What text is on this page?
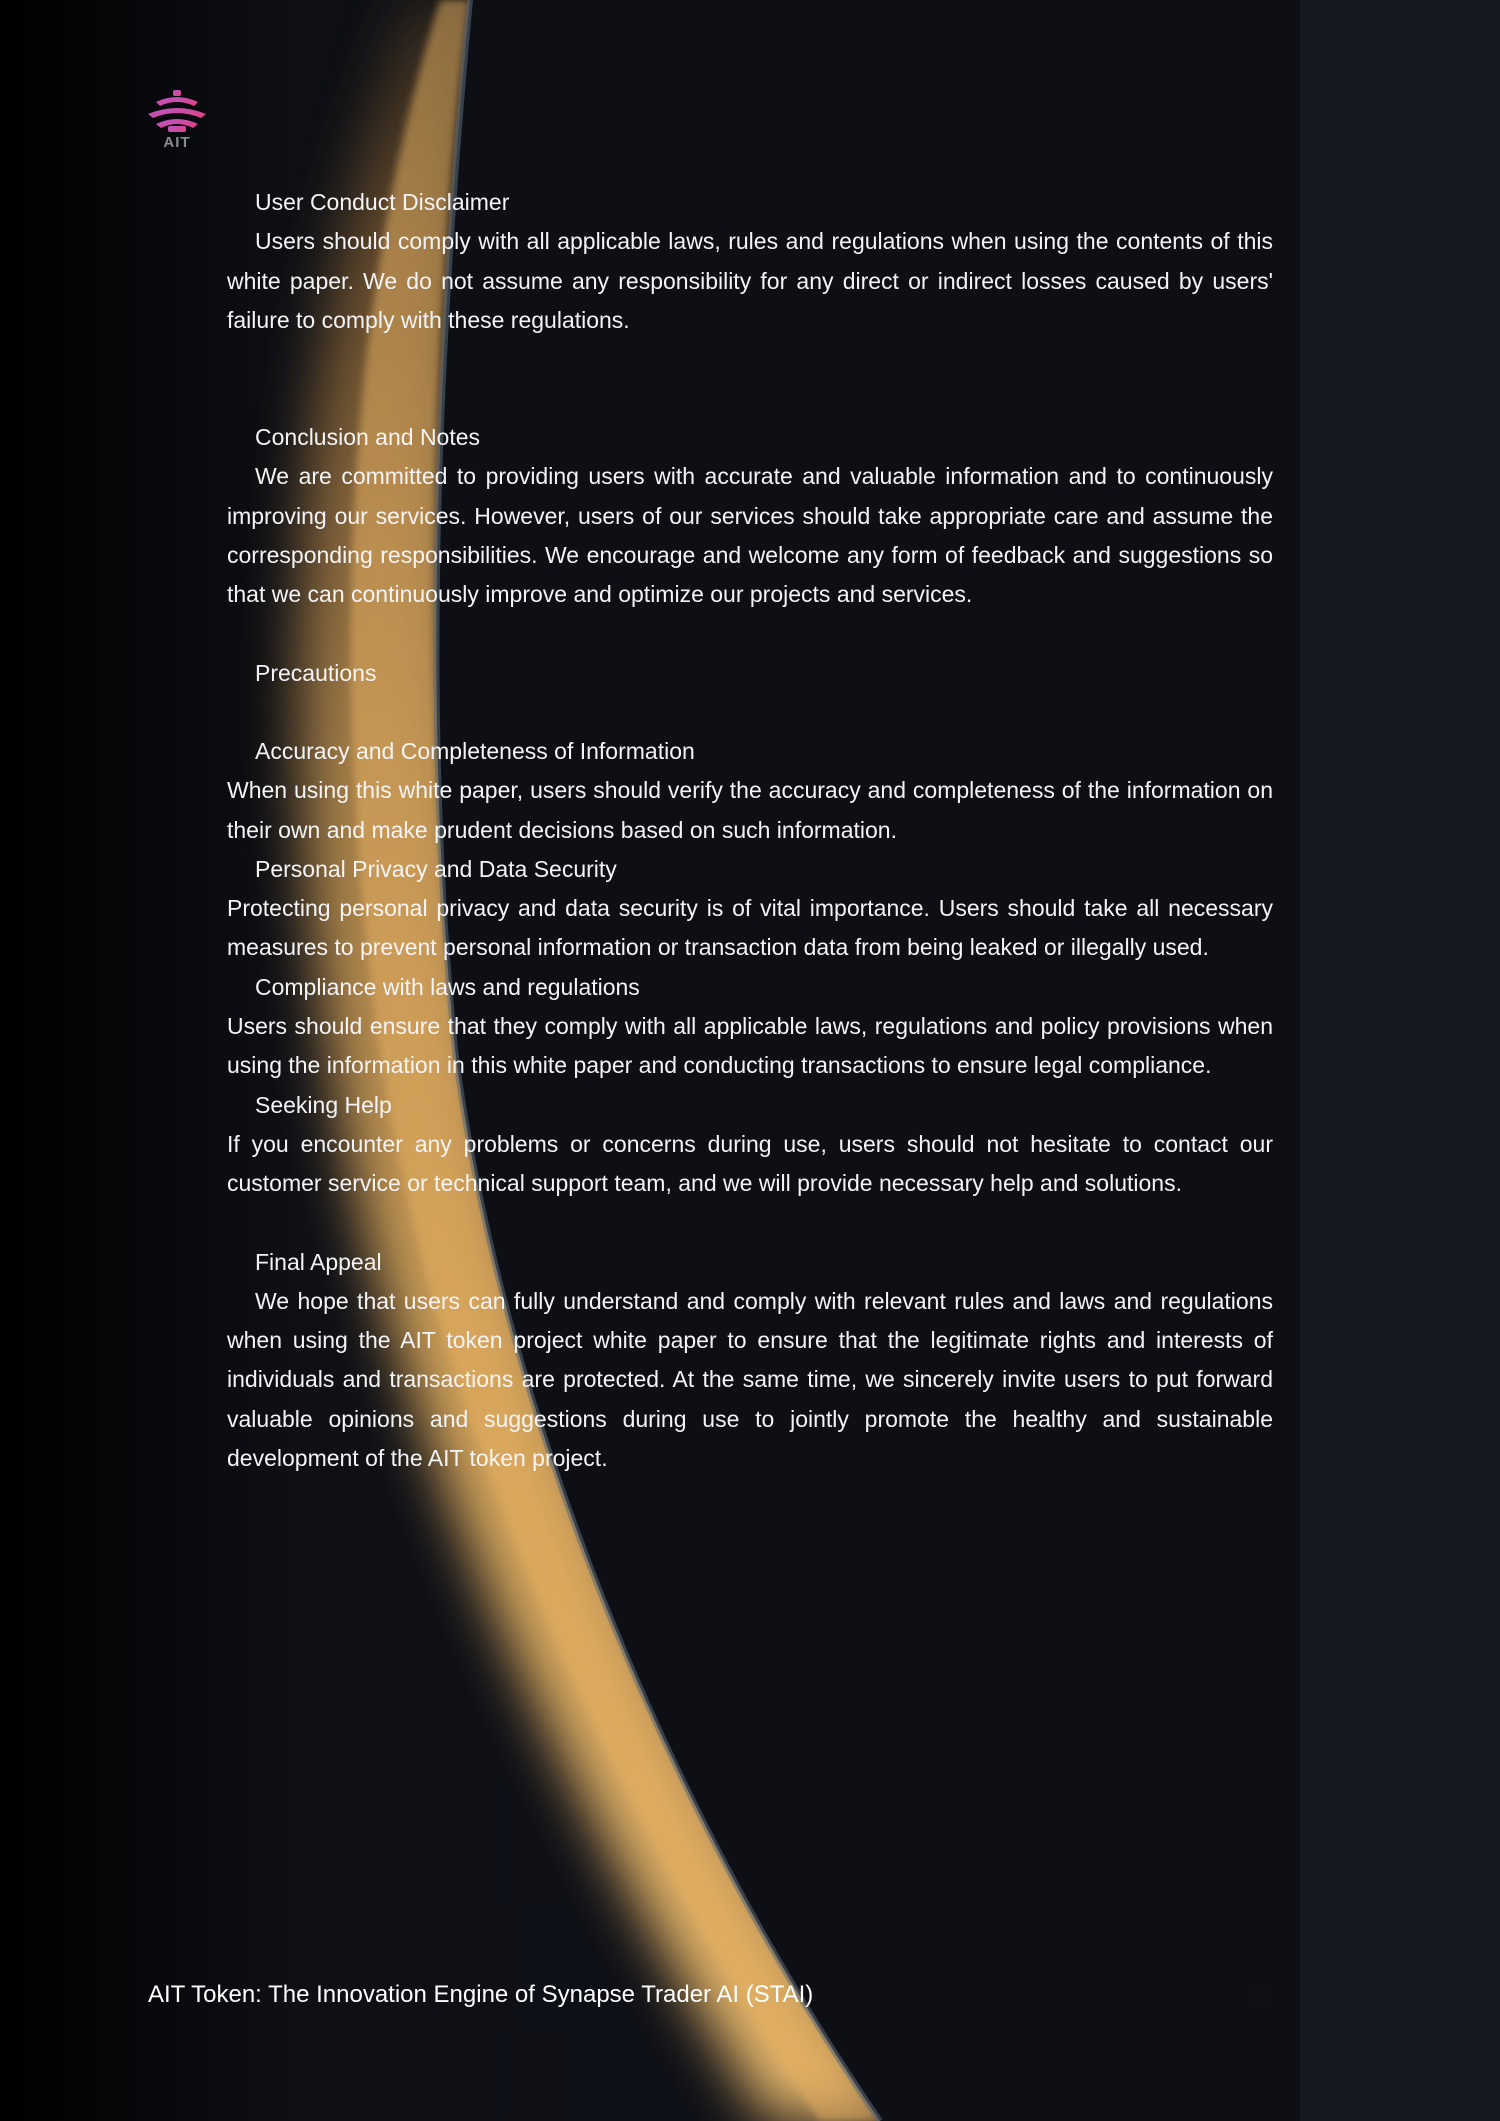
AIT

User Conduct Disclaimer

Users should comply with all applicable laws, rules and regulations when using the contents of this white paper. We do not assume any responsibility for any direct or indirect losses caused by users' failure to comply with these regulations.

Conclusion and Notes

We are committed to providing users with accurate and valuable information and to continuously improving our services. However, users of our services should take appropriate care and assume the corresponding responsibilities. We encourage and welcome any form of feedback and suggestions so that we can continuously improve and optimize our projects and services.

Precautions

Accuracy and Completeness of Information

When using this white paper, users should verify the accuracy and completeness of the information on their own and make prudent decisions based on such information.

Personal Privacy and Data Security

Protecting personal privacy and data security is of vital importance. Users should take all necessary measures to prevent personal information or transaction data from being leaked or illegally used.

Compliance with laws and regulations

Users should ensure that they comply with all applicable laws, regulations and policy provisions when using the information in this white paper and conducting transactions to ensure legal compliance.

Seeking Help

If you encounter any problems or concerns during use, users should not hesitate to contact our customer service or technical support team, and we will provide necessary help and solutions.

Final Appeal

We hope that users can fully understand and comply with relevant rules and laws and regulations when using the AIT token project white paper to ensure that the legitimate rights and interests of individuals and transactions are protected. At the same time, we sincerely invite users to put forward valuable opinions and suggestions during use to jointly promote the healthy and sustainable development of the AIT token project.

AIT Token: The Innovation Engine of Synapse Trader AI (STAI)	26
